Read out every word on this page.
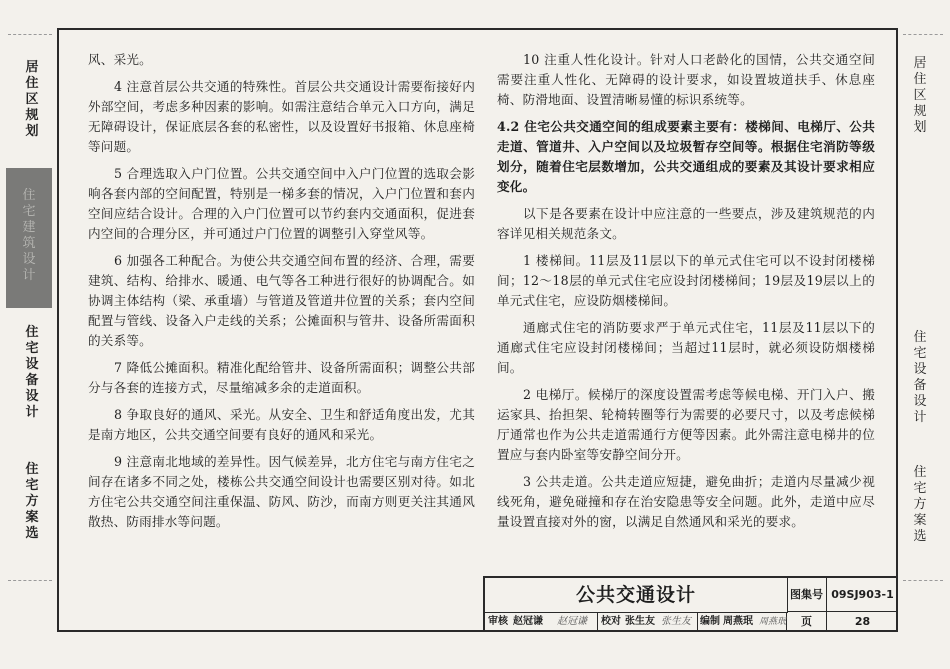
居住区规划
住宅建筑设计
住宅设备设计
住宅方案选
居住区规划
住宅设备设计
住宅方案选

风、采光。

4 注意首层公共交通的特殊性。首层公共交通设计需要衔接好内外部空间，考虑多种因素的影响。如需注意结合单元入口方向，满足无障碍设计，保证底层各套的私密性，以及设置好书报箱、休息座椅等问题。

5 合理选取入户门位置。公共交通空间中入户门位置的选取会影响各套内部的空间配置，特别是一梯多套的情况，入户门位置和套内空间应结合设计。合理的入户门位置可以节约套内交通面积，促进套内空间的合理分区，并可通过户门位置的调整引入穿堂风等。

6 加强各工种配合。为使公共交通空间布置的经济、合理，需要建筑、结构、给排水、暖通、电气等各工种进行很好的协调配合。如协调主体结构（梁、承重墙）与管道及管道井位置的关系；套内空间配置与管线、设备入户走线的关系；公摊面积与管井、设备所需面积的关系等。

7 降低公摊面积。精准化配给管井、设备所需面积；调整公共部分与各套的连接方式，尽量缩减多余的走道面积。

8 争取良好的通风、采光。从安全、卫生和舒适角度出发，尤其是南方地区，公共交通空间要有良好的通风和采光。

9 注意南北地域的差异性。因气候差异，北方住宅与南方住宅之间存在诸多不同之处，楼栋公共交通空间设计也需要区别对待。如北方住宅公共交通空间注重保温、防风、防沙，而南方则更关注其通风散热、防雨排水等问题。

10 注重人性化设计。针对人口老龄化的国情，公共交通空间需要注重人性化、无障碍的设计要求，如设置坡道扶手、休息座椅、防滑地面、设置清晰易懂的标识系统等。

4.2 住宅公共交通空间的组成要素主要有：楼梯间、电梯厅、公共走道、管道井、入户空间以及垃圾暂存空间等。根据住宅消防等级划分，随着住宅层数增加，公共交通组成的要素及其设计要求相应变化。

以下是各要素在设计中应注意的一些要点，涉及建筑规范的内容详见相关规范条文。

1 楼梯间。11层及11层以下的单元式住宅可以不设封闭楼梯间；12～18层的单元式住宅应设封闭楼梯间；19层及19层以上的单元式住宅，应设防烟楼梯间。

通廊式住宅的消防要求严于单元式住宅，11层及11层以下的通廊式住宅应设封闭楼梯间；当超过11层时，就必须设防烟楼梯间。

2 电梯厅。候梯厅的深度设置需考虑等候电梯、开门入户、搬运家具、抬担架、轮椅转圈等行为需要的必要尺寸，以及考虑候梯厅通常也作为公共走道需通行方便等因素。此外需注意电梯井的位置应与套内卧室等安静空间分开。

3 公共走道。公共走道应短捷，避免曲折；走道内尽量减少视线死角，避免碰撞和存在治安隐患等安全问题。此外，走道中应尽量设置直接对外的窗，以满足自然通风和采光的要求。

公共交通设计	图集号 09SJ903-1
页	28
审核 赵冠谦 赵冠谦 校对 张生友 张生友 编制 周燕珉 周燕珉
